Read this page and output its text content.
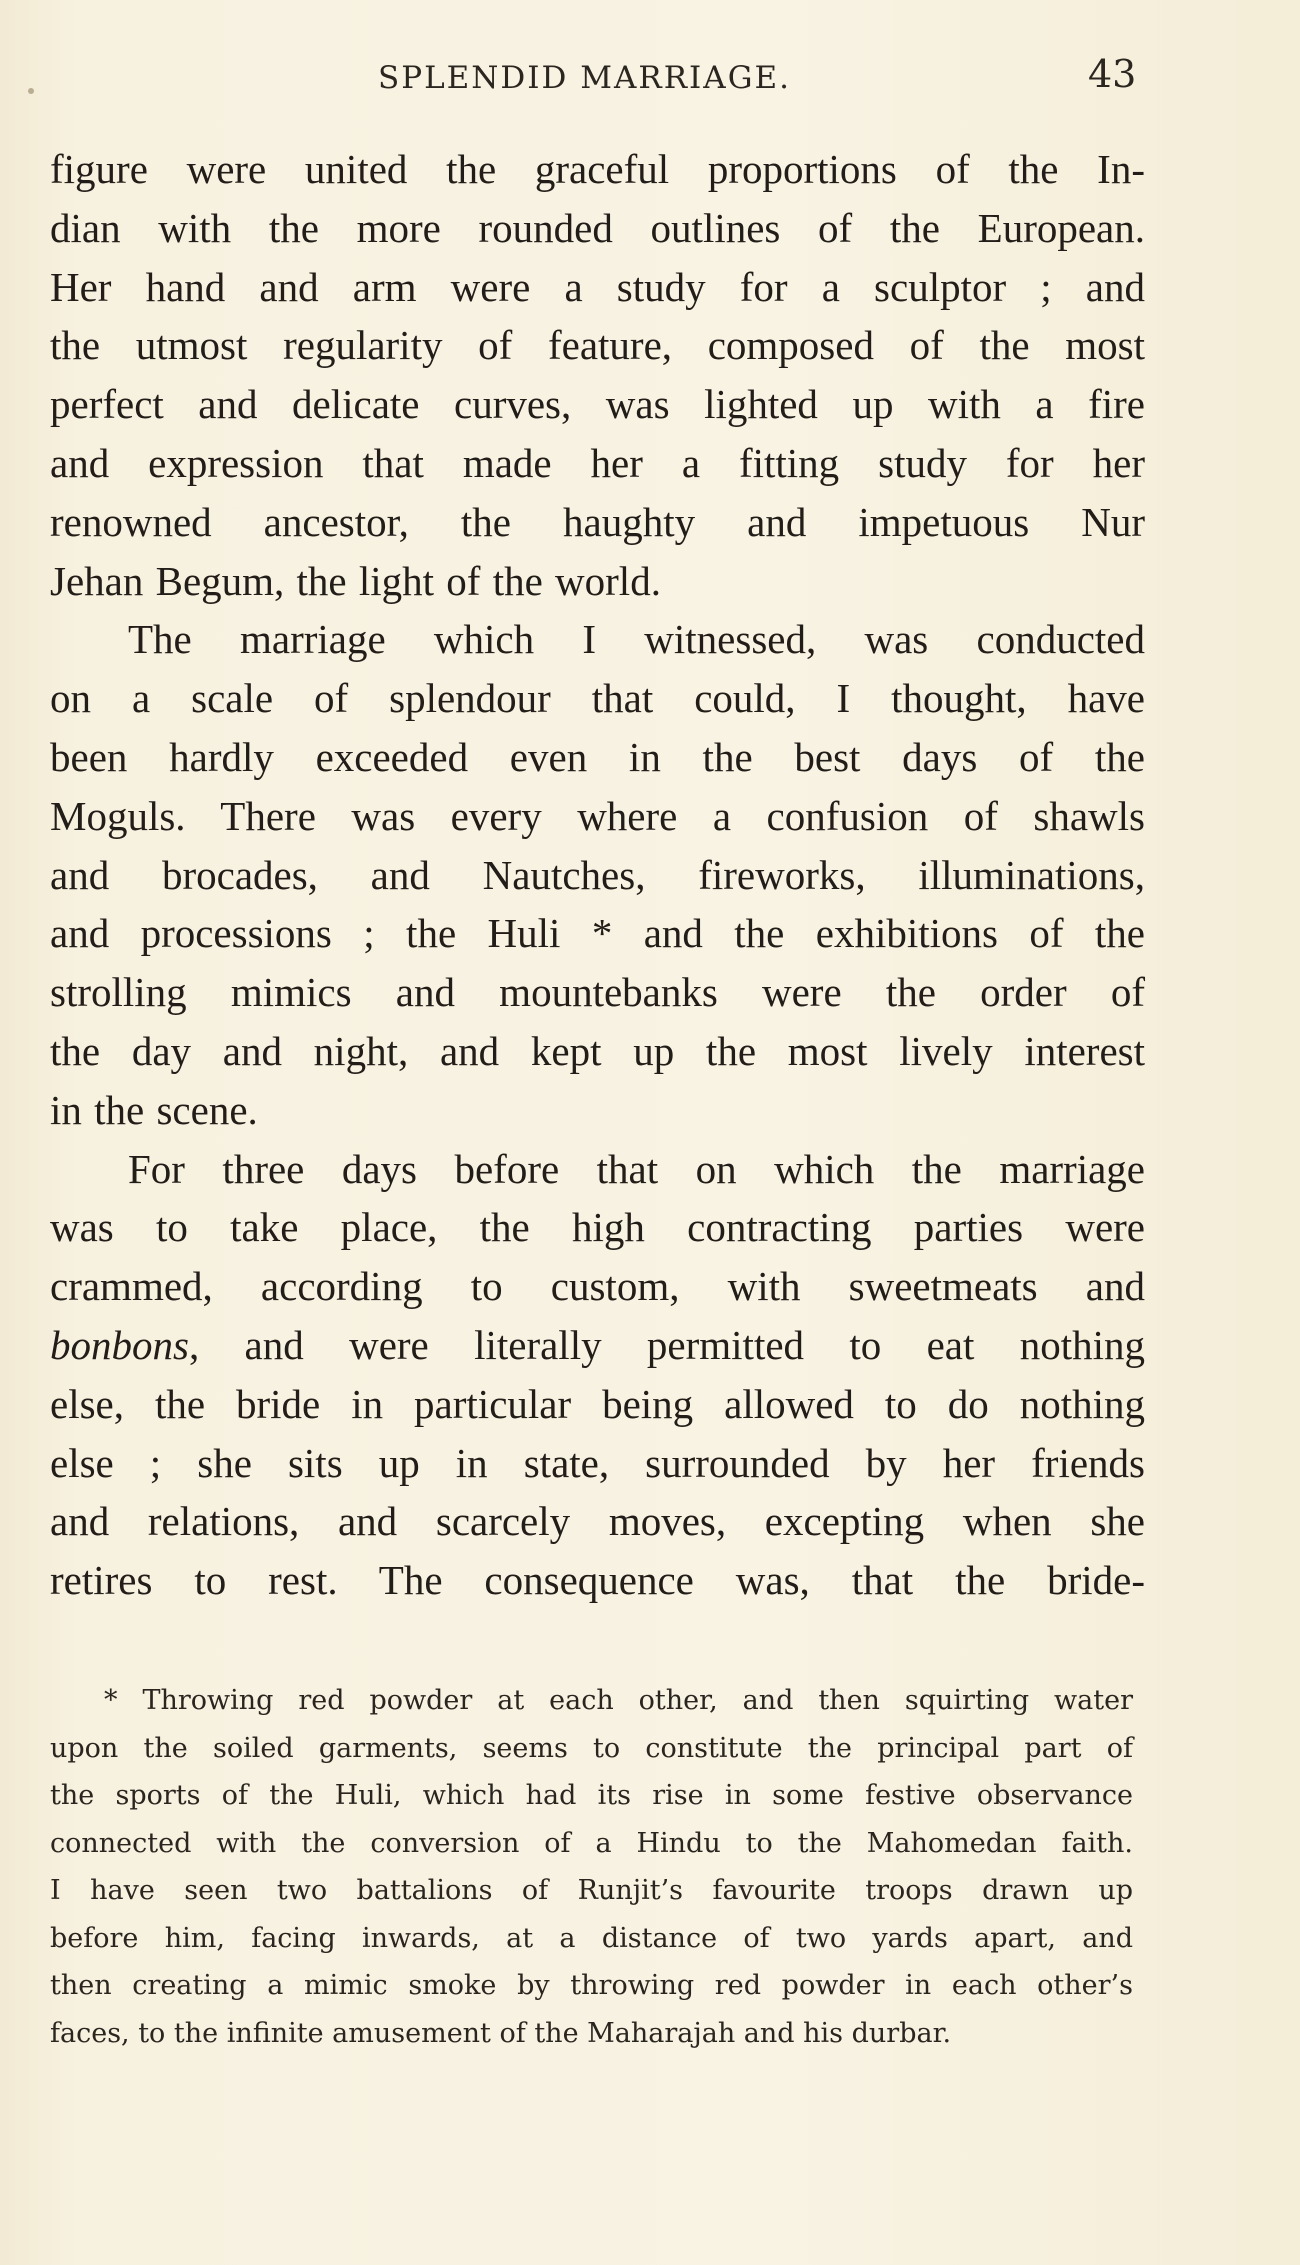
SPLENDID MARRIAGE.	43
figure were united the graceful proportions of the In-
dian with the more rounded outlines of the European.
Her hand and arm were a study for a sculptor ; and
the utmost regularity of feature, composed of the most
perfect and delicate curves, was lighted up with a fire
and expression that made her a fitting study for her
renowned ancestor, the haughty and impetuous Nur
Jehan Begum, the light of the world.
The marriage which I witnessed, was conducted
on a scale of splendour that could, I thought, have
been hardly exceeded even in the best days of the
Moguls. There was every where a confusion of shawls
and brocades, and Nautches, fireworks, illuminations,
and processions ; the Huli * and the exhibitions of the
strolling mimics and mountebanks were the order of
the day and night, and kept up the most lively interest
in the scene.
For three days before that on which the marriage
was to take place, the high contracting parties were
crammed, according to custom, with sweetmeats and
bonbons, and were literally permitted to eat nothing
else, the bride in particular being allowed to do nothing
else ; she sits up in state, surrounded by her friends
and relations, and scarcely moves, excepting when she
retires to rest. The consequence was, that the bride-
* Throwing red powder at each other, and then squirting water
upon the soiled garments, seems to constitute the principal part of
the sports of the Huli, which had its rise in some festive observance
connected with the conversion of a Hindu to the Mahomedan faith.
I have seen two battalions of Runjit’s favourite troops drawn up
before him, facing inwards, at a distance of two yards apart, and
then creating a mimic smoke by throwing red powder in each other’s
faces, to the infinite amusement of the Maharajah and his durbar.
